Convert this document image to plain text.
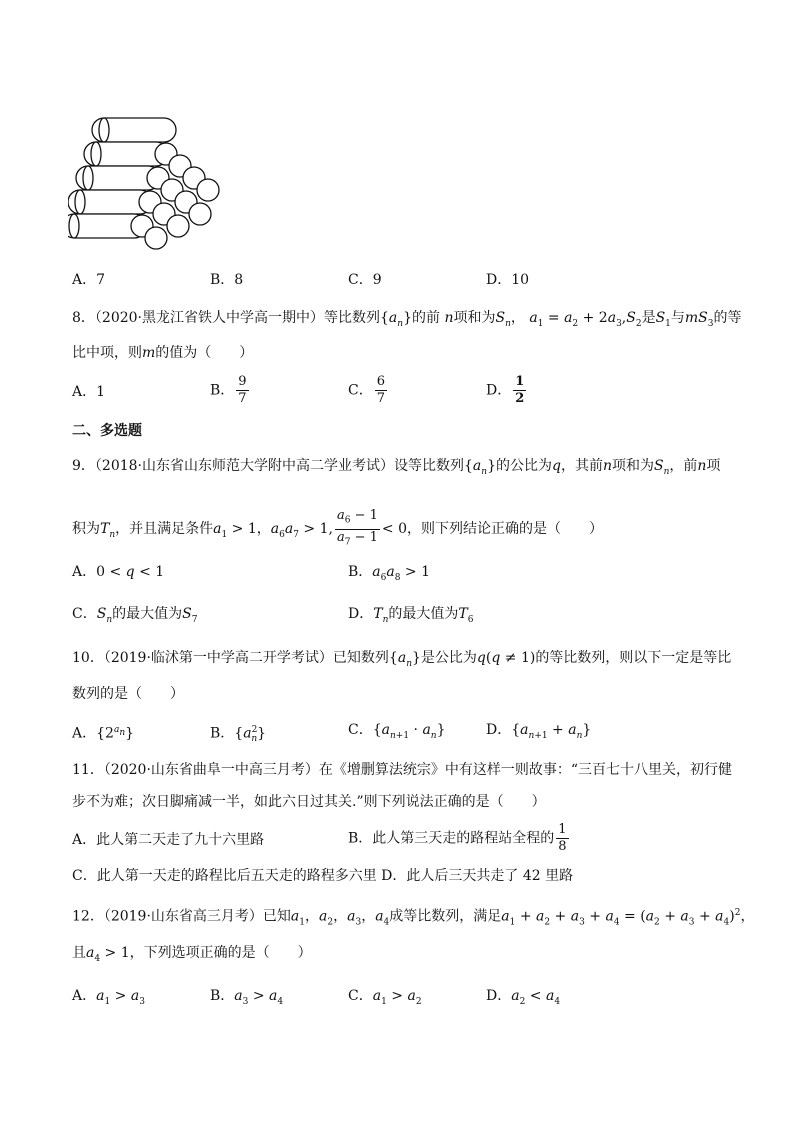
A．7	B．8	C．9	D．10
8．（2020·黑龙江省铁人中学高一期中）等比数列$\{a_n\}$的前 n项和为$S_n$， $a_1 = a_2 + 2a_3,S_2$是$S_1$与$mS_3$的等
比中项，则m的值为（　　）
A．1	B． $\frac{9}{7}$	C． $\frac{6}{7}$	D． $\frac{1}{2}$
二、多选题
9．（2018·山东省山东师范大学附中高二学业考试）设等比数列$\{a_n\}$的公比为q，其前n项和为$S_n$，前n项
积为$T_n$，并且满足条件$a_1 > 1$，$a_6a_7 > 1$, $\frac{a_6 - 1}{a_7 - 1} < 0$，则下列结论正确的是（　　）
A．0 < q < 1	B．$a_6a_8 > 1$
C．$S_n$的最大值为$S_7$	D．$T_n$的最大值为$T_6$
10．（2019·临沭第一中学高二开学考试）已知数列$\{a_n\}$是公比为q(q ≠ 1)的等比数列，则以下一定是等比
数列的是（　　）
A．$\{2^{a_n}\}$	B．$\{a^2_n\}$	C．$\{a_{n+1} \cdot a_n\}$	D．$\{a_{n+1} + a_n\}$
11．（2020·山东省曲阜一中高三月考）在《增删算法统宗》中有这样一则故事：“三百七十八里关，初行健
步不为难；次日脚痛减一半，如此六日过其关.”则下列说法正确的是（　　）
A．此人第二天走了九十六里路	B．此人第三天走的路程站全程的 $\frac{1}{8}$
C．此人第一天走的路程比后五天走的路程多六里 D．此人后三天共走了 42 里路
12．（2019·山东省高三月考）已知$a_1$，$a_2$，$a_3$，$a_4$成等比数列，满足$a_1 + a_2 + a_3 + a_4 = (a_2 + a_3 + a_4)^2$，
且$a_4 > 1$，下列选项正确的是（　　）
A．$a_1 > a_3$	B．$a_3 > a_4$	C．$a_1 > a_2$	D．$a_2 < a_4$
